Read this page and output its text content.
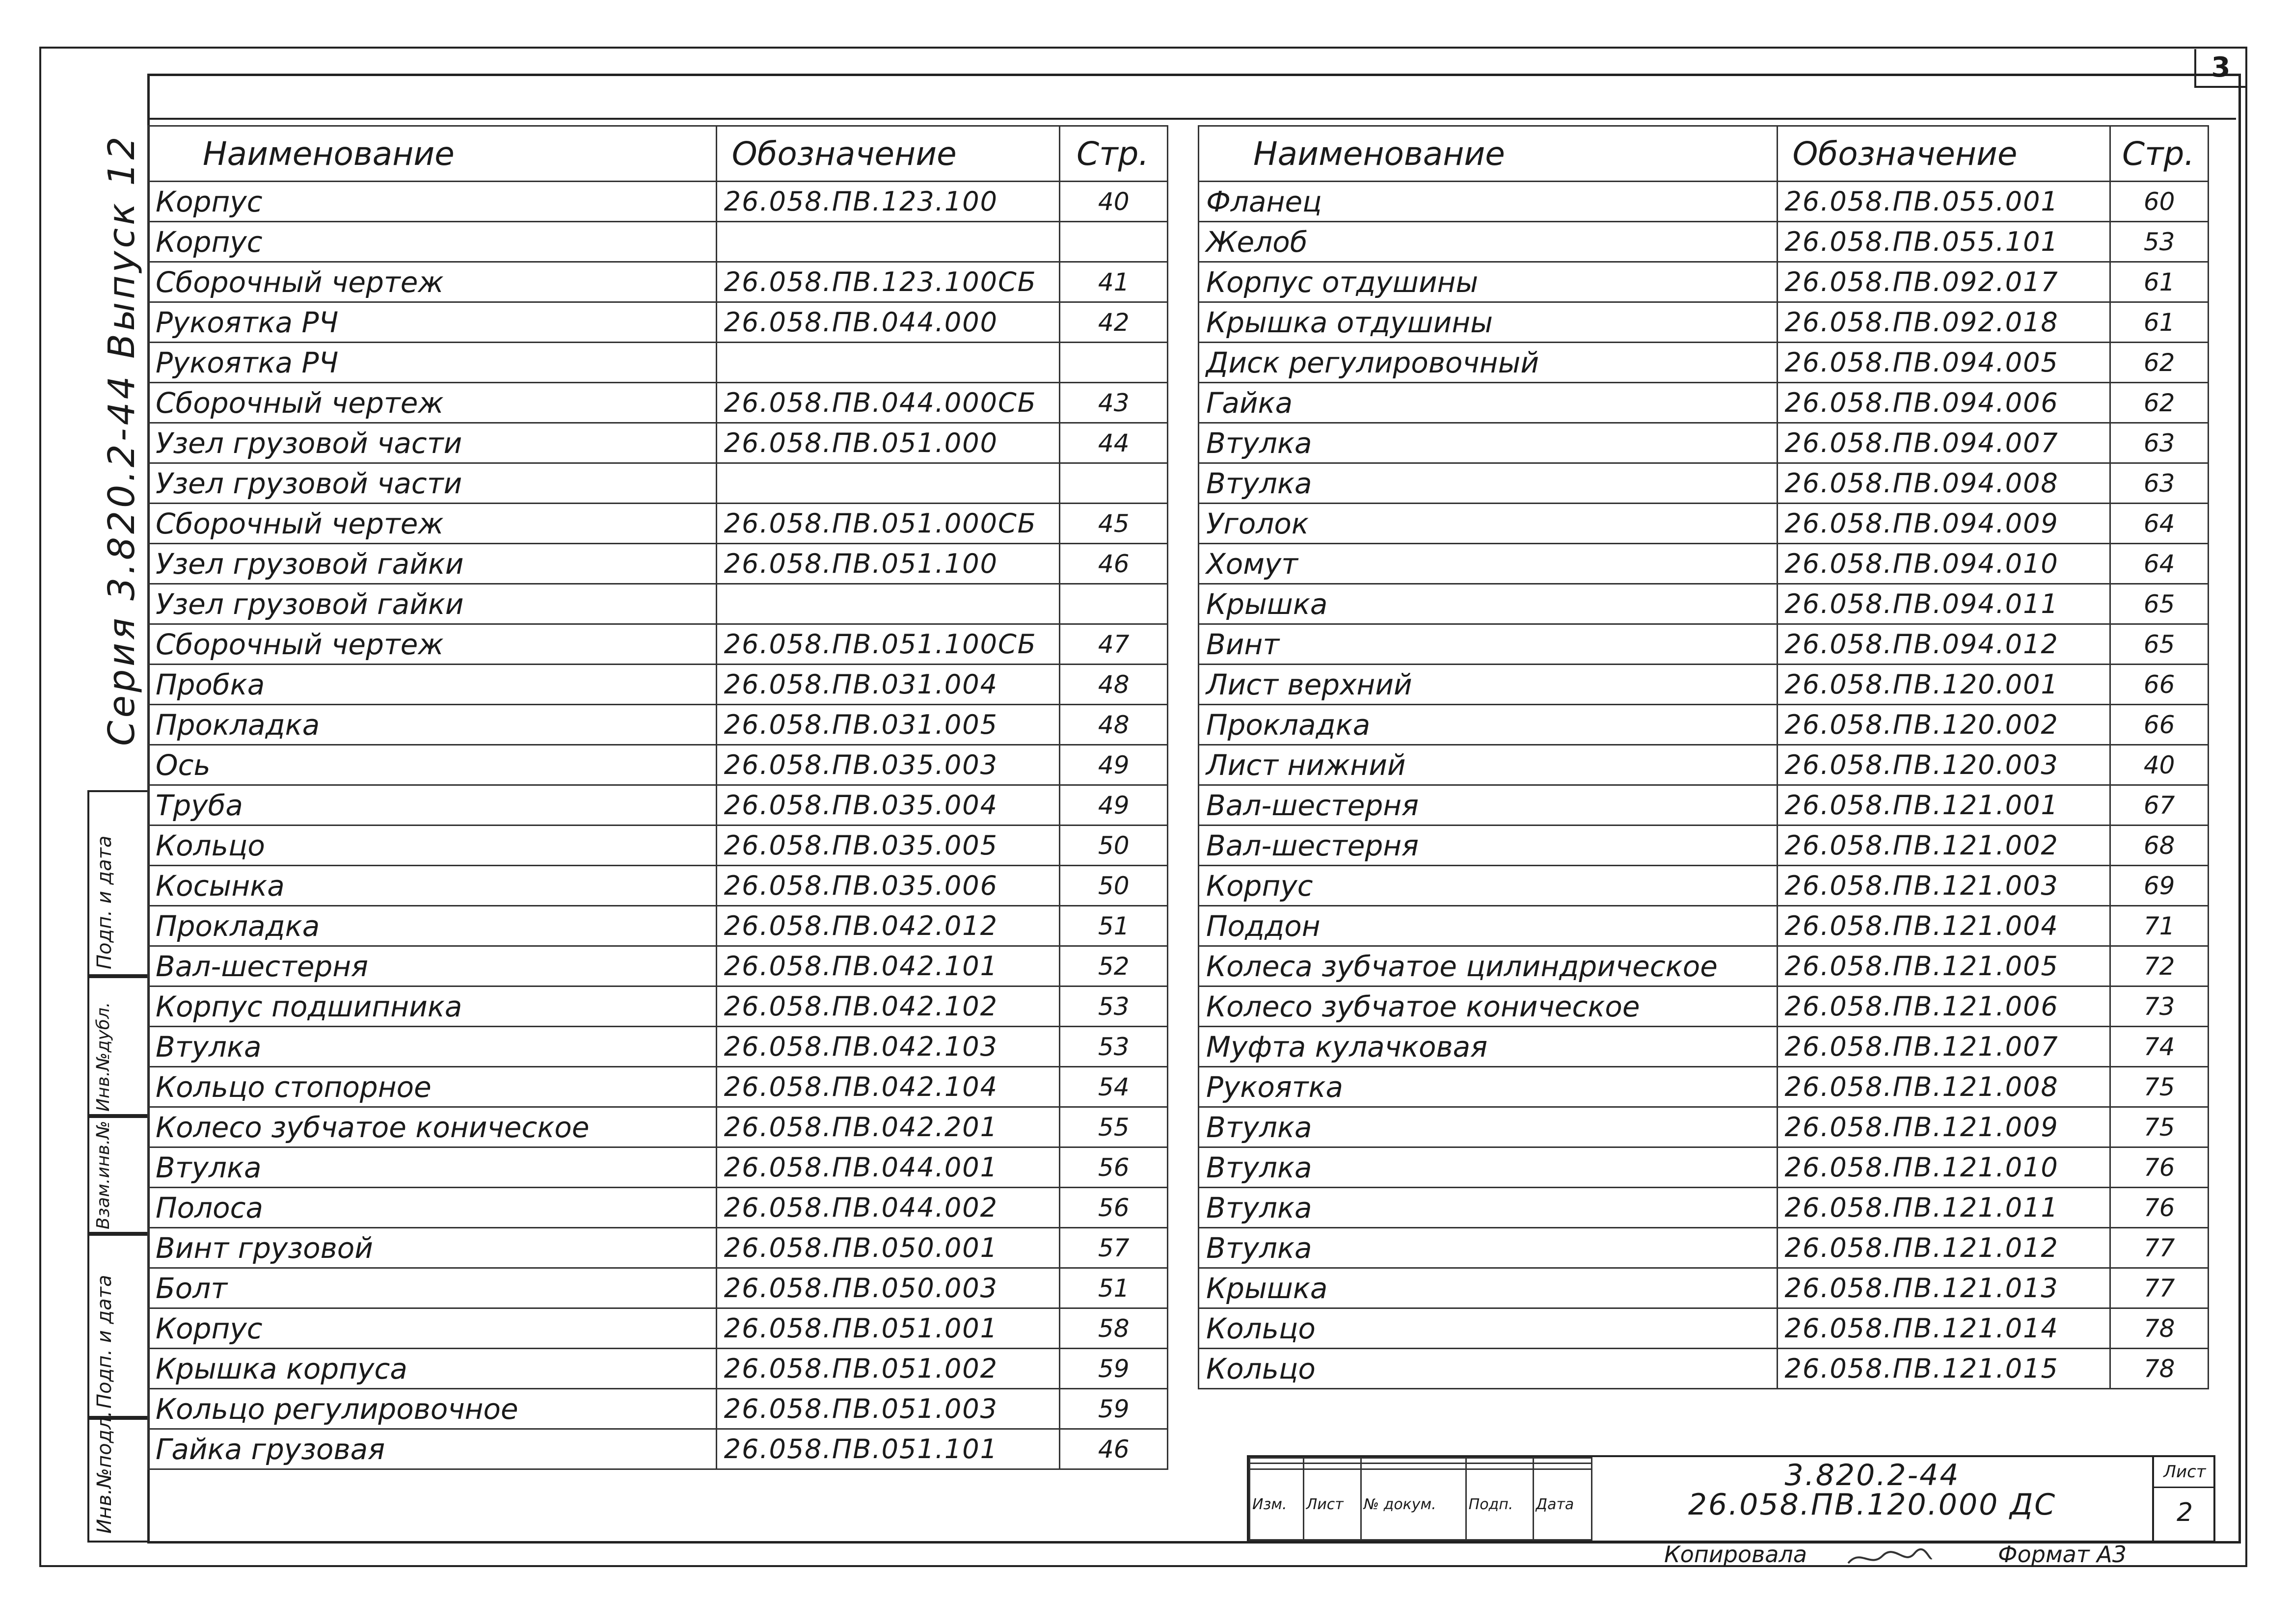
3
Серия 3.820.2-44 Выпуск 12
Инв.№подл.
Подп. и дата
Взам.инв.№
Инв.№дубл.
Подп. и дата
Наименование	Обозначение	Стр.
Корпус	26.058.ПВ.123.100	40
Корпус		
Сборочный чертеж	26.058.ПВ.123.100СБ	41
Рукоятка РЧ	26.058.ПВ.044.000	42
Рукоятка РЧ		
Сборочный чертеж	26.058.ПВ.044.000СБ	43
Узел грузовой части	26.058.ПВ.051.000	44
Узел грузовой части		
Сборочный чертеж	26.058.ПВ.051.000СБ	45
Узел грузовой гайки	26.058.ПВ.051.100	46
Узел грузовой гайки		
Сборочный чертеж	26.058.ПВ.051.100СБ	47
Пробка	26.058.ПВ.031.004	48
Прокладка	26.058.ПВ.031.005	48
Ось	26.058.ПВ.035.003	49
Труба	26.058.ПВ.035.004	49
Кольцо	26.058.ПВ.035.005	50
Косынка	26.058.ПВ.035.006	50
Прокладка	26.058.ПВ.042.012	51
Вал-шестерня	26.058.ПВ.042.101	52
Корпус подшипника	26.058.ПВ.042.102	53
Втулка	26.058.ПВ.042.103	53
Кольцо стопорное	26.058.ПВ.042.104	54
Колесо зубчатое коническое	26.058.ПВ.042.201	55
Втулка	26.058.ПВ.044.001	56
Полоса	26.058.ПВ.044.002	56
Винт грузовой	26.058.ПВ.050.001	57
Болт	26.058.ПВ.050.003	51
Корпус	26.058.ПВ.051.001	58
Крышка корпуса	26.058.ПВ.051.002	59
Кольцо регулировочное	26.058.ПВ.051.003	59
Гайка грузовая	26.058.ПВ.051.101	46
Наименование	Обозначение	Стр.
Фланец	26.058.ПВ.055.001	60
Желоб	26.058.ПВ.055.101	53
Корпус отдушины	26.058.ПВ.092.017	61
Крышка отдушины	26.058.ПВ.092.018	61
Диск регулировочный	26.058.ПВ.094.005	62
Гайка	26.058.ПВ.094.006	62
Втулка	26.058.ПВ.094.007	63
Втулка	26.058.ПВ.094.008	63
Уголок	26.058.ПВ.094.009	64
Хомут	26.058.ПВ.094.010	64
Крышка	26.058.ПВ.094.011	65
Винт	26.058.ПВ.094.012	65
Лист верхний	26.058.ПВ.120.001	66
Прокладка	26.058.ПВ.120.002	66
Лист нижний	26.058.ПВ.120.003	40
Вал-шестерня	26.058.ПВ.121.001	67
Вал-шестерня	26.058.ПВ.121.002	68
Корпус	26.058.ПВ.121.003	69
Поддон	26.058.ПВ.121.004	71
Колеса зубчатое цилиндрическое	26.058.ПВ.121.005	72
Колесо зубчатое коническое	26.058.ПВ.121.006	73
Муфта кулачковая	26.058.ПВ.121.007	74
Рукоятка	26.058.ПВ.121.008	75
Втулка	26.058.ПВ.121.009	75
Втулка	26.058.ПВ.121.010	76
Втулка	26.058.ПВ.121.011	76
Втулка	26.058.ПВ.121.012	77
Крышка	26.058.ПВ.121.013	77
Кольцо	26.058.ПВ.121.014	78
Кольцо	26.058.ПВ.121.015	78

Изм.	Лист	№ докум.	Подп.	Дата
3.820.2-44
26.058.ПВ.120.000 ДС
Лист
2
Копировала	Формат А3
